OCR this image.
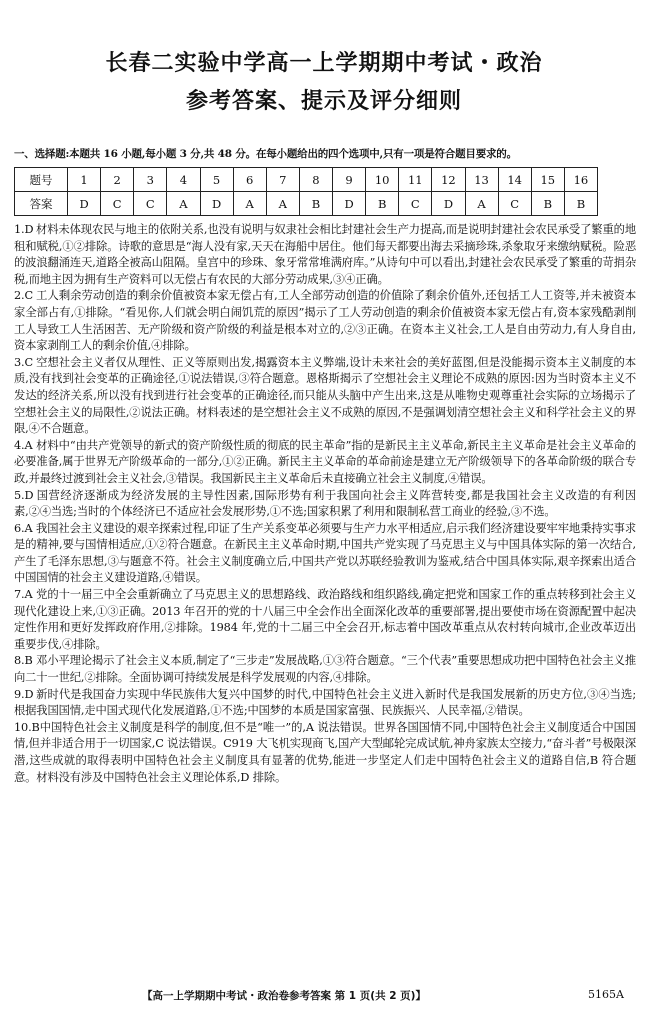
长春二实验中学高一上学期期中考试・政治
参考答案、提示及评分细则
一、选择题:本题共 16 小题,每小题 3 分,共 48 分。在每小题给出的四个选项中,只有一项是符合题目要求的。
题号	1	2	3	4	5	6	7	8	9	10	11	12	13	14	15	16
答案	D	C	C	A	D	A	A	B	D	B	C	D	A	C	B	B

1.D 材料未体现农民与地主的依附关系,也没有说明与奴隶社会相比封建社会生产力提高,而是说明封建社会农民承受了繁重的地租和赋税,①②排除。诗歌的意思是“海人没有家,天天在海船中居住。他们每天都要出海去采摘珍珠,杀象取牙来缴纳赋税。险恶的波浪翻涌连天,道路全被高山阻隔。皇宫中的珍珠、象牙常常堆满府库。”从诗句中可以看出,封建社会农民承受了繁重的苛捐杂税,而地主因为拥有生产资料可以无偿占有农民的大部分劳动成果,③④正确。

2.C 工人剩余劳动创造的剩余价值被资本家无偿占有,工人全部劳动创造的价值除了剩余价值外,还包括工人工资等,并未被资本家全部占有,①排除。“看见你,人们就会明白闹饥荒的原因”揭示了工人劳动创造的剩余价值被资本家无偿占有,资本家残酷剥削工人导致工人生活困苦、无产阶级和资产阶级的利益是根本对立的,②③正确。在资本主义社会,工人是自由劳动力,有人身自由,资本家剥削工人的剩余价值,④排除。

3.C 空想社会主义者仅从理性、正义等原则出发,揭露资本主义弊端,设计未来社会的美好蓝图,但是没能揭示资本主义制度的本质,没有找到社会变革的正确途径,①说法错误,③符合题意。恩格斯揭示了空想社会主义理论不成熟的原因:因为当时资本主义不发达的经济关系,所以没有找到进行社会变革的正确途径,而只能从头脑中产生出来,这是从唯物史观尊重社会实际的立场揭示了空想社会主义的局限性,②说法正确。材料表述的是空想社会主义不成熟的原因,不是强调划清空想社会主义和科学社会主义的界限,④不合题意。

4.A 材料中“由共产党领导的新式的资产阶级性质的彻底的民主革命”指的是新民主主义革命,新民主主义革命是社会主义革命的必要准备,属于世界无产阶级革命的一部分,①②正确。新民主主义革命的革命前途是建立无产阶级领导下的各革命阶级的联合专政,并最终过渡到社会主义社会,③错误。我国新民主主义革命后未直接确立社会主义制度,④错误。

5.D 国营经济逐渐成为经济发展的主导性因素,国际形势有利于我国向社会主义阵营转变,都是我国社会主义改造的有利因素,②④当选;当时的个体经济已不适应社会发展形势,①不选;国家积累了利用和限制私营工商业的经验,③不选。

6.A 我国社会主义建设的艰辛探索过程,印证了生产关系变革必须要与生产力水平相适应,启示我们经济建设要牢牢地秉持实事求是的精神,要与国情相适应,①②符合题意。在新民主主义革命时期,中国共产党实现了马克思主义与中国具体实际的第一次结合,产生了毛泽东思想,③与题意不符。社会主义制度确立后,中国共产党以苏联经验教训为鉴戒,结合中国具体实际,艰辛探索出适合中国国情的社会主义建设道路,④错误。

7.A 党的十一届三中全会重新确立了马克思主义的思想路线、政治路线和组织路线,确定把党和国家工作的重点转移到社会主义现代化建设上来,①③正确。2013 年召开的党的十八届三中全会作出全面深化改革的重要部署,提出要使市场在资源配置中起决定性作用和更好发挥政府作用,②排除。1984 年,党的十二届三中全会召开,标志着中国改革重点从农村转向城市,企业改革迈出重要步伐,④排除。

8.B 邓小平理论揭示了社会主义本质,制定了“三步走”发展战略,①③符合题意。“三个代表”重要思想成功把中国特色社会主义推向二十一世纪,②排除。全面协调可持续发展是科学发展观的内容,④排除。

9.D 新时代是我国奋力实现中华民族伟大复兴中国梦的时代,中国特色社会主义进入新时代是我国发展新的历史方位,③④当选;根据我国国情,走中国式现代化发展道路,①不选;中国梦的本质是国家富强、民族振兴、人民幸福,②错误。

10.B中国特色社会主义制度是科学的制度,但不是“唯一”的,A 说法错误。世界各国国情不同,中国特色社会主义制度适合中国国情,但并非适合用于一切国家,C 说法错误。C919 大飞机实现商飞,国产大型邮轮完成试航,神舟家族太空接力,“奋斗者”号极限深潜,这些成就的取得表明中国特色社会主义制度具有显著的优势,能进一步坚定人们走中国特色社会主义的道路自信,B 符合题意。材料没有涉及中国特色社会主义理论体系,D 排除。

【高一上学期期中考试・政治卷参考答案 第 1 页(共 2 页)】	5165A
